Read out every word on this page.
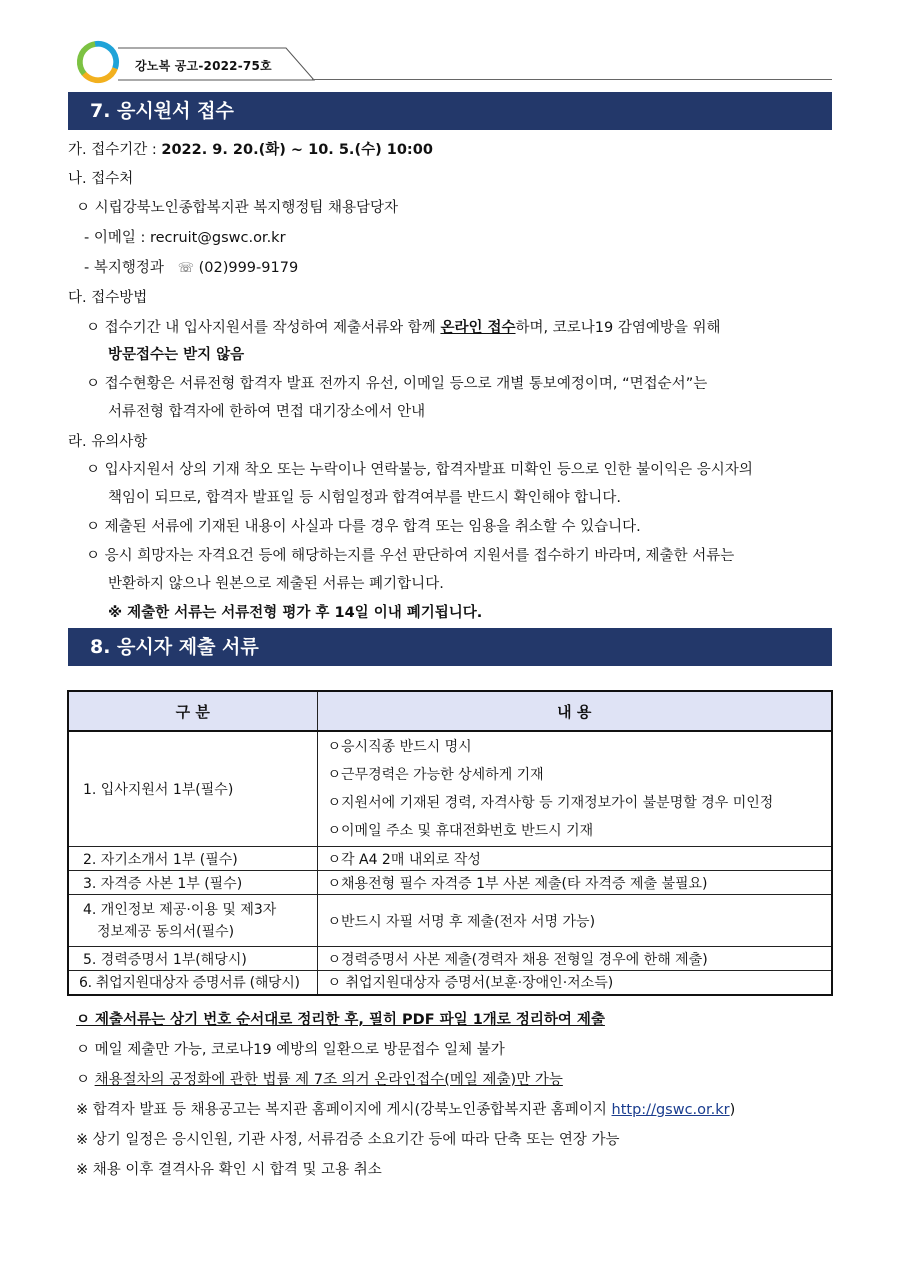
강노복 공고-2022-75호
7. 응시원서 접수
가. 접수기간 : 2022. 9. 20.(화) ~ 10. 5.(수) 10:00
나. 접수처
ㅇ 시립강북노인종합복지관 복지행정팀 채용담당자
- 이메일 : recruit@gswc.or.kr
- 복지행정과 ☏ (02)999-9179
다. 접수방법
ㅇ 접수기간 내 입사지원서를 작성하여 제출서류와 함께 온라인 접수하며, 코로나19 감염예방을 위해
방문접수는 받지 않음
ㅇ 접수현황은 서류전형 합격자 발표 전까지 유선, 이메일 등으로 개별 통보예정이며, “면접순서”는
서류전형 합격자에 한하여 면접 대기장소에서 안내
라. 유의사항
ㅇ 입사지원서 상의 기재 착오 또는 누락이나 연락불능, 합격자발표 미확인 등으로 인한 불이익은 응시자의
책임이 되므로, 합격자 발표일 등 시험일정과 합격여부를 반드시 확인해야 합니다.
ㅇ 제출된 서류에 기재된 내용이 사실과 다를 경우 합격 또는 임용을 취소할 수 있습니다.
ㅇ 응시 희망자는 자격요건 등에 해당하는지를 우선 판단하여 지원서를 접수하기 바라며, 제출한 서류는
반환하지 않으나 원본으로 제출된 서류는 폐기합니다.
※ 제출한 서류는 서류전형 평가 후 14일 이내 폐기됩니다.
8. 응시자 제출 서류
구 분	내 용
1. 입사지원서 1부(필수)	ㅇ응시직종 반드시 명시
ㅇ근무경력은 가능한 상세하게 기재
ㅇ지원서에 기재된 경력, 자격사항 등 기재정보가이 불분명할 경우 미인정
ㅇ이메일 주소 및 휴대전화번호 반드시 기재

2. 자기소개서 1부 (필수)	ㅇ각 A4 2매 내외로 작성
3. 자격증 사본 1부 (필수)	ㅇ채용전형 필수 자격증 1부 사본 제출(타 자격증 제출 불필요)

4. 개인정보 제공·이용 및 제3자
정보제공 동의서(필수)	ㅇ반드시 자필 서명 후 제출(전자 서명 가능)
5. 경력증명서 1부(해당시)	ㅇ경력증명서 사본 제출(경력자 채용 전형일 경우에 한해 제출)
6. 취업지원대상자 증명서류 (해당시)	ㅇ 취업지원대상자 증명서(보훈·장애인·저소득)
ㅇ 제출서류는 상기 번호 순서대로 정리한 후, 필히 PDF 파일 1개로 정리하여 제출
ㅇ 메일 제출만 가능, 코로나19 예방의 일환으로 방문접수 일체 불가
ㅇ 채용절차의 공정화에 관한 법률 제 7조 의거 온라인접수(메일 제출)만 가능
※ 합격자 발표 등 채용공고는 복지관 홈페이지에 게시(강북노인종합복지관 홈페이지 http://gswc.or.kr)
※ 상기 일정은 응시인원, 기관 사정, 서류검증 소요기간 등에 따라 단축 또는 연장 가능
※ 채용 이후 결격사유 확인 시 합격 및 고용 취소
